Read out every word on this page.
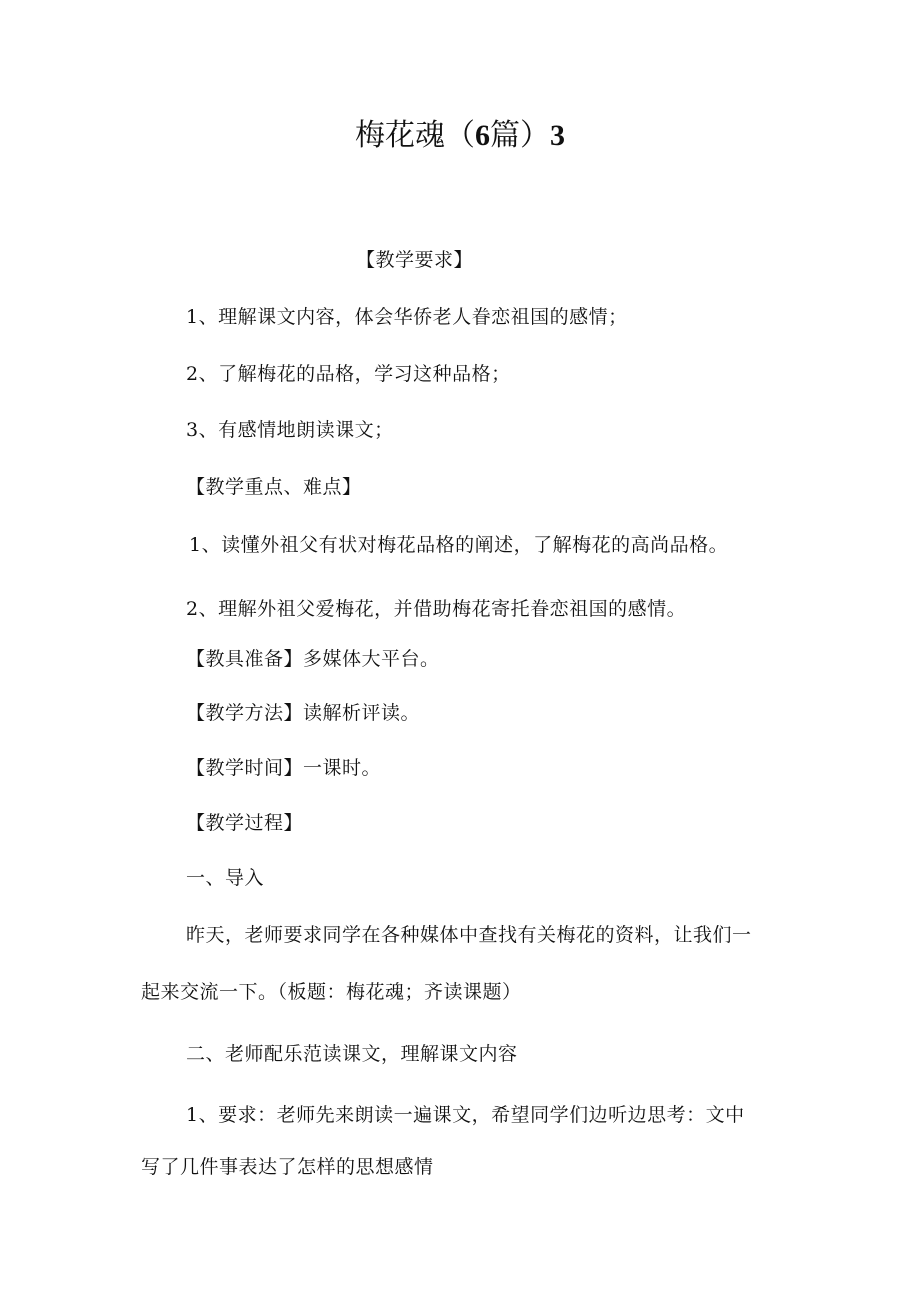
梅花魂（6篇）3
【教学要求】
1、理解课文内容，体会华侨老人眷恋祖国的感情；
2、了解梅花的品格，学习这种品格；
3、有感情地朗读课文；
【教学重点、难点】
1、读懂外祖父有状对梅花品格的阐述，了解梅花的高尚品格。
2、理解外祖父爱梅花，并借助梅花寄托眷恋祖国的感情。
【教具准备】多媒体大平台。
【教学方法】读解析评读。
【教学时间】一课时。
【教学过程】
一、导入
昨天，老师要求同学在各种媒体中查找有关梅花的资料，让我们一
起来交流一下。（板题：梅花魂；齐读课题）
二、老师配乐范读课文，理解课文内容
1、要求：老师先来朗读一遍课文，希望同学们边听边思考：文中
写了几件事表达了怎样的思想感情
